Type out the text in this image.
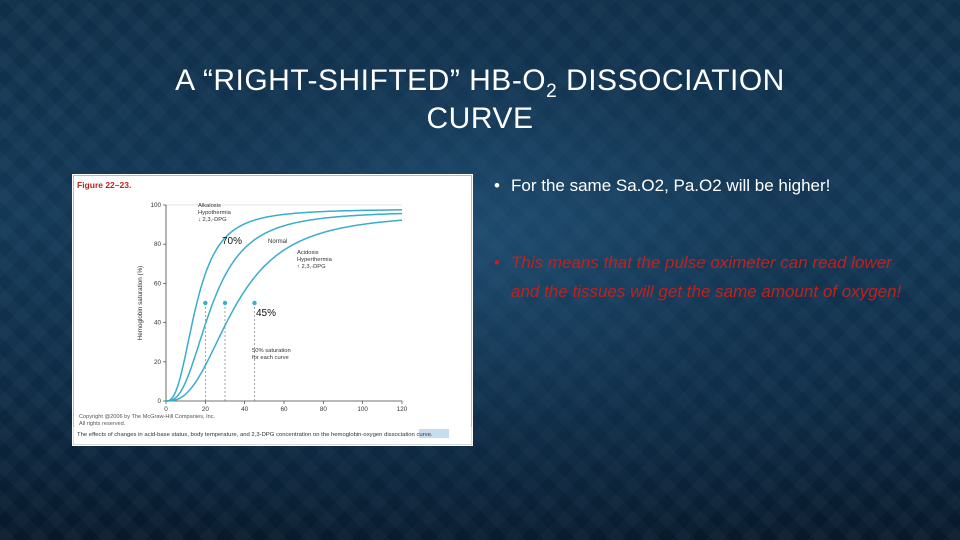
A “RIGHT-SHIFTED” $HB-O_2$ DISSOCIATION
CURVE
Figure 22–23.
0	20	40	60	80	100	120
0
20
40
60
80
100
Hemoglobin saturation (%)
Alkalosis
Hypothermia
↓ 2,3,-DPG
Normal
Acidosis
Hyperthermia
↑ 2,3,-DPG
50% saturation
for each curve
70%
45%
Copyright @2006 by The McGraw-Hill Companies, Inc.
All rights reserved.
The effects of changes in acid-base status, body temperature, and 2,3-DPG concentration on the hemoglobin-oxygen dissociation curve.
• For the same Sa.O2, Pa.O2 will be higher!
• This means that the pulse oximeter can read lower and the tissues will get the same amount of oxygen!
